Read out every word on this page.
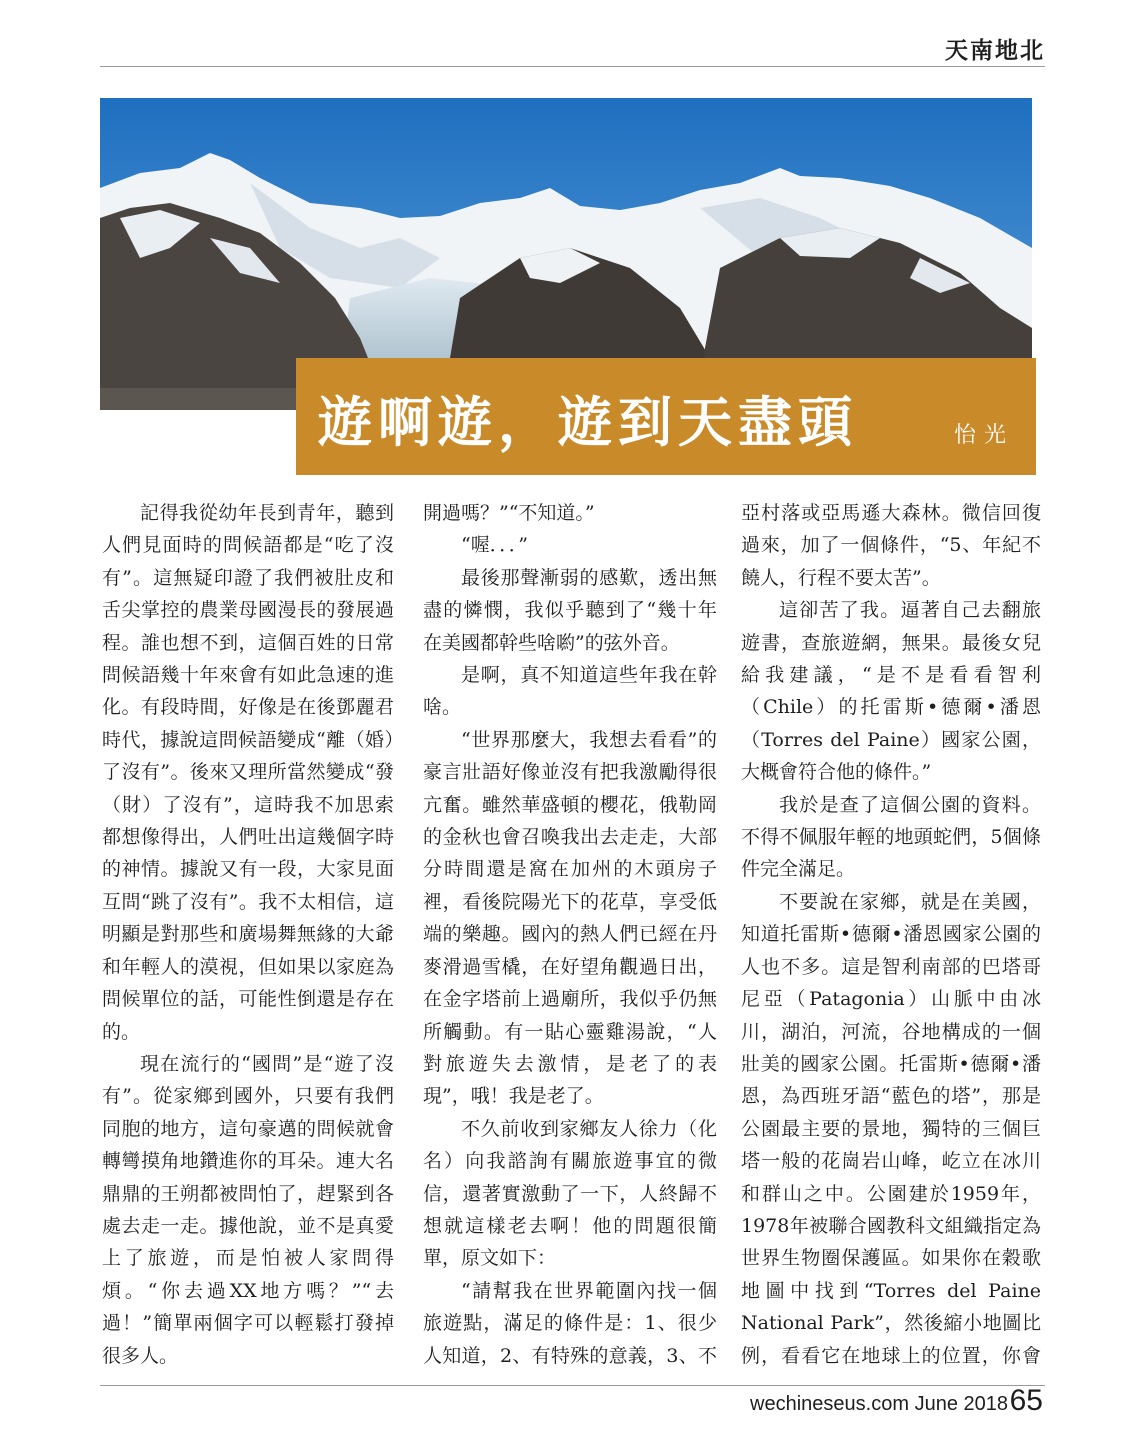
天南地北
遊啊遊，遊到天盡頭	怡光

記得我從幼年長到青年，聽到人們見面時的問候語都是“吃了沒有”。這無疑印證了我們被肚皮和舌尖掌控的農業母國漫長的發展過程。誰也想不到，這個百姓的日常問候語幾十年來會有如此急速的進化。有段時間，好像是在後鄧麗君時代，據說這問候語變成“離（婚）了沒有”。後來又理所當然變成“發（財）了沒有”，這時我不加思索都想像得出，人們吐出這幾個字時的神情。據說又有一段，大家見面互問“跳了沒有”。我不太相信，這明顯是對那些和廣場舞無緣的大爺和年輕人的漠視，但如果以家庭為問候單位的話，可能性倒還是存在的。

現在流行的“國問”是“遊了沒有”。從家鄉到國外，只要有我們同胞的地方，這句豪邁的問候就會轉彎摸角地鑽進你的耳朵。連大名鼎鼎的王朔都被問怕了，趕緊到各處去走一走。據他說，並不是真愛上了旅遊，而是怕被人家問得煩。“你去過XX地方嗎？”“去過！”簡單兩個字可以輕鬆打發掉很多人。

開過嗎？”“不知道。”

“喔．．．”

最後那聲漸弱的感歎，透出無盡的憐憫，我似乎聽到了“幾十年在美國都幹些啥喲”的弦外音。

是啊，真不知道這些年我在幹啥。

“世界那麼大，我想去看看”的豪言壯語好像並沒有把我激勵得很亢奮。雖然華盛頓的櫻花，俄勒岡的金秋也會召喚我出去走走，大部分時間還是窩在加州的木頭房子裡，看後院陽光下的花草，享受低端的樂趣。國內的熱人們已經在丹麥滑過雪橇，在好望角觀過日出，在金字塔前上過廟所，我似乎仍無所觸動。有一貼心靈雞湯說，“人對旅遊失去激情，是老了的表現”，哦！我是老了。

不久前收到家鄉友人徐力（化名）向我諮詢有關旅遊事宜的微信，還著實激動了一下，人終歸不想就這樣老去啊！他的問題很簡單，原文如下：

“請幫我在世界範圍內找一個旅遊點，滿足的條件是：1、很少人知道，2、有特殊的意義，3、不

亞村落或亞馬遜大森林。微信回復過來，加了一個條件，“5、年紀不饒人，行程不要太苦”。

這卻苦了我。逼著自己去翻旅遊書，查旅遊網，無果。最後女兒給我建議，“是不是看看智利（Chile）的托雷斯•德爾•潘恩（Torres del Paine）國家公園，大概會符合他的條件。”

我於是查了這個公園的資料。不得不佩服年輕的地頭蛇們，5個條件完全滿足。

不要說在家鄉，就是在美國，知道托雷斯•德爾•潘恩國家公園的人也不多。這是智利南部的巴塔哥尼亞（Patagonia）山脈中由冰川，湖泊，河流，谷地構成的一個壯美的國家公園。托雷斯•德爾•潘恩，為西班牙語“藍色的塔”，那是公園最主要的景地，獨特的三個巨塔一般的花崗岩山峰，屹立在冰川和群山之中。公園建於1959年，1978年被聯合國教科文組織指定為世界生物圈保護區。如果你在穀歌地圖中找到“Torres del Paine National Park”，然後縮小地圖比例，看看它在地球上的位置，你會

wechineseus.com June 2018 65
